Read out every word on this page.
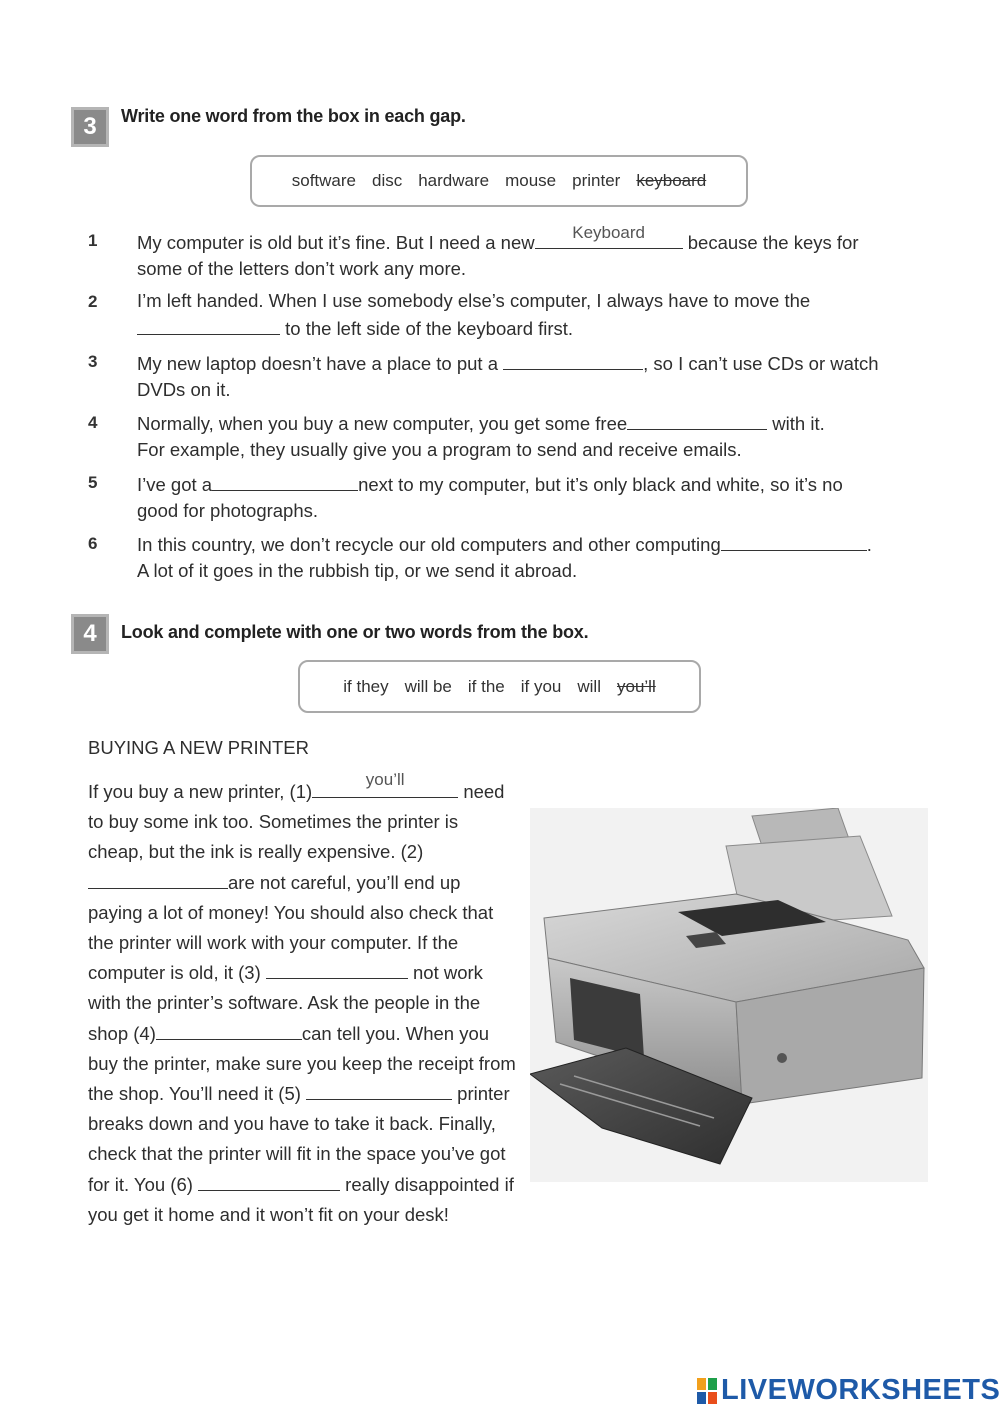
3	Write one word from the box in each gap.
software disc hardware mouse printer keyboard
1	My computer is old but it’s fine. But I need a new	Keyboard	because the keys for
some of the letters don’t work any more.
2	I’m left handed. When I use somebody else’s computer, I always have to move the
to the left side of the keyboard first.
3	My new laptop doesn’t have a place to put a	, so I can’t use CDs or watch
DVDs on it.
4	Normally, when you buy a new computer, you get some free	with it.
For example, they usually give you a program to send and receive emails.
5	I’ve got a	next to my computer, but it’s only black and white, so it’s no
good for photographs.
6	In this country, we don’t recycle our old computers and other computing	.
A lot of it goes in the rubbish tip, or we send it abroad.
4	Look and complete with one or two words from the box.
if they will be if the if you will you’ll
BUYING A NEW PRINTER
If you buy a new printer, (1)
you’ll
need to buy some ink too. Sometimes the printer is cheap, but the ink is really expensive. (2)are not careful, you’ll end up paying a lot of money! You should also check that the printer will work with your computer. If the computer is old, it (3)	not work with the printer’s software. Ask the people in the shop (4)	can tell you. When you buy the printer, make sure you keep the receipt from the shop. You’ll need it (5)	printer breaks down and you have to take it back. Finally, check that the printer will fit in the space you’ve got for it. You (6)	really disappointed if you get it home and it won’t fit on your desk!
LIVEWORKSHEETS
